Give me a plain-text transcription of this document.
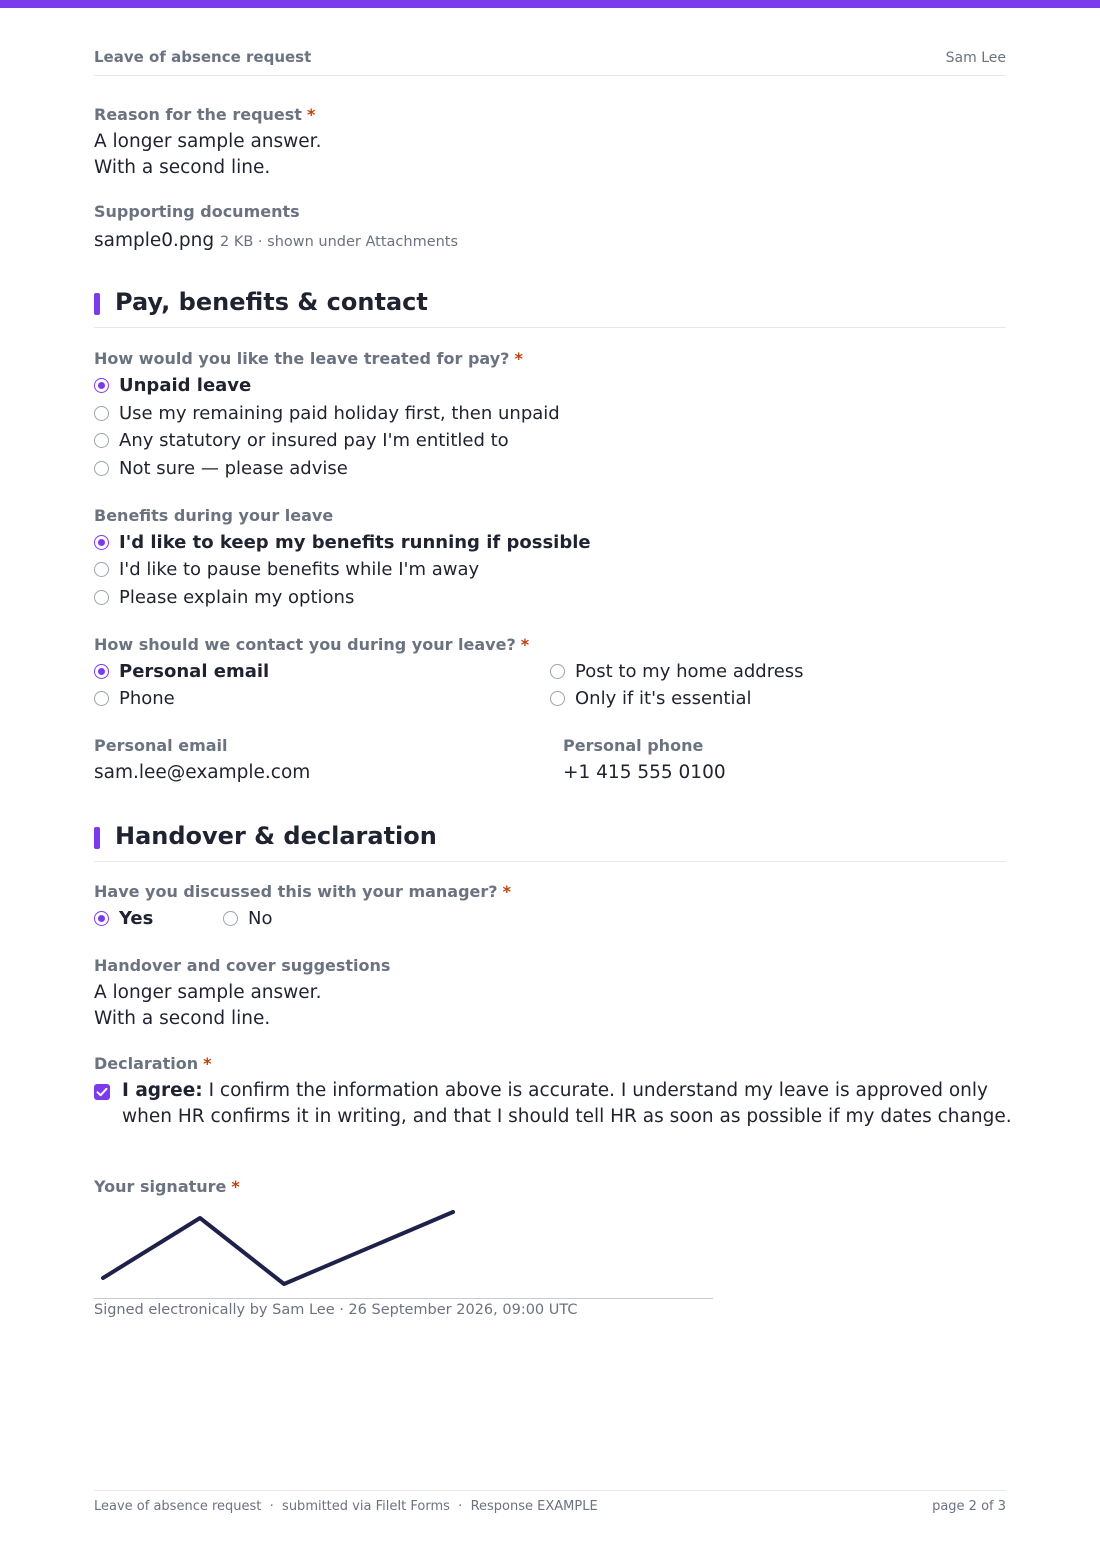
Leave of absence request	Sam Lee
Reason for the request *
A longer sample answer.
With a second line.
Supporting documents
sample0.png 2 KB · shown under Attachments
Pay, benefits & contact
How would you like the leave treated for pay? *
Unpaid leave
Use my remaining paid holiday first, then unpaid
Any statutory or insured pay I'm entitled to
Not sure — please advise
Benefits during your leave
I'd like to keep my benefits running if possible
I'd like to pause benefits while I'm away
Please explain my options
How should we contact you during your leave? *
Personal email	Post to my home address
Phone	Only if it's essential
Personal email
sam.lee@example.com
Personal phone
+1 415 555 0100
Handover & declaration
Have you discussed this with your manager? *
Yes	No
Handover and cover suggestions
A longer sample answer.
With a second line.
Declaration *
I agree: I confirm the information above is accurate. I understand my leave is approved only when HR confirms it in writing, and that I should tell HR as soon as possible if my dates change.
Your signature *
Signed electronically by Sam Lee · 26 September 2026, 09:00 UTC
Leave of absence request  ·  submitted via FileIt Forms  ·  Response EXAMPLE	page 2 of 3
